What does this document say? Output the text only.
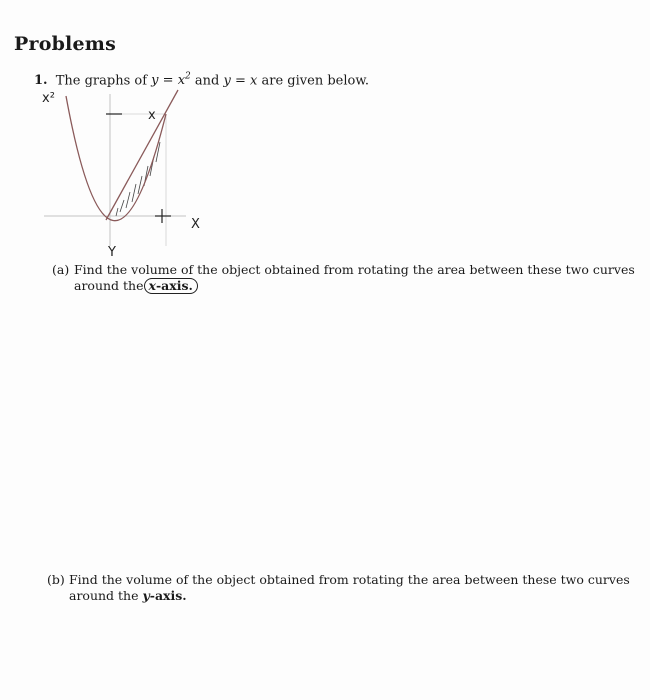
Problems
1. The graphs of $y = x^2$ and y = x are given below.
x²
x
X
Y
(a) Find the volume of the object obtained from rotating the area between these two curves
around the x-axis.
(b) Find the volume of the object obtained from rotating the area between these two curves
around the y-axis.
